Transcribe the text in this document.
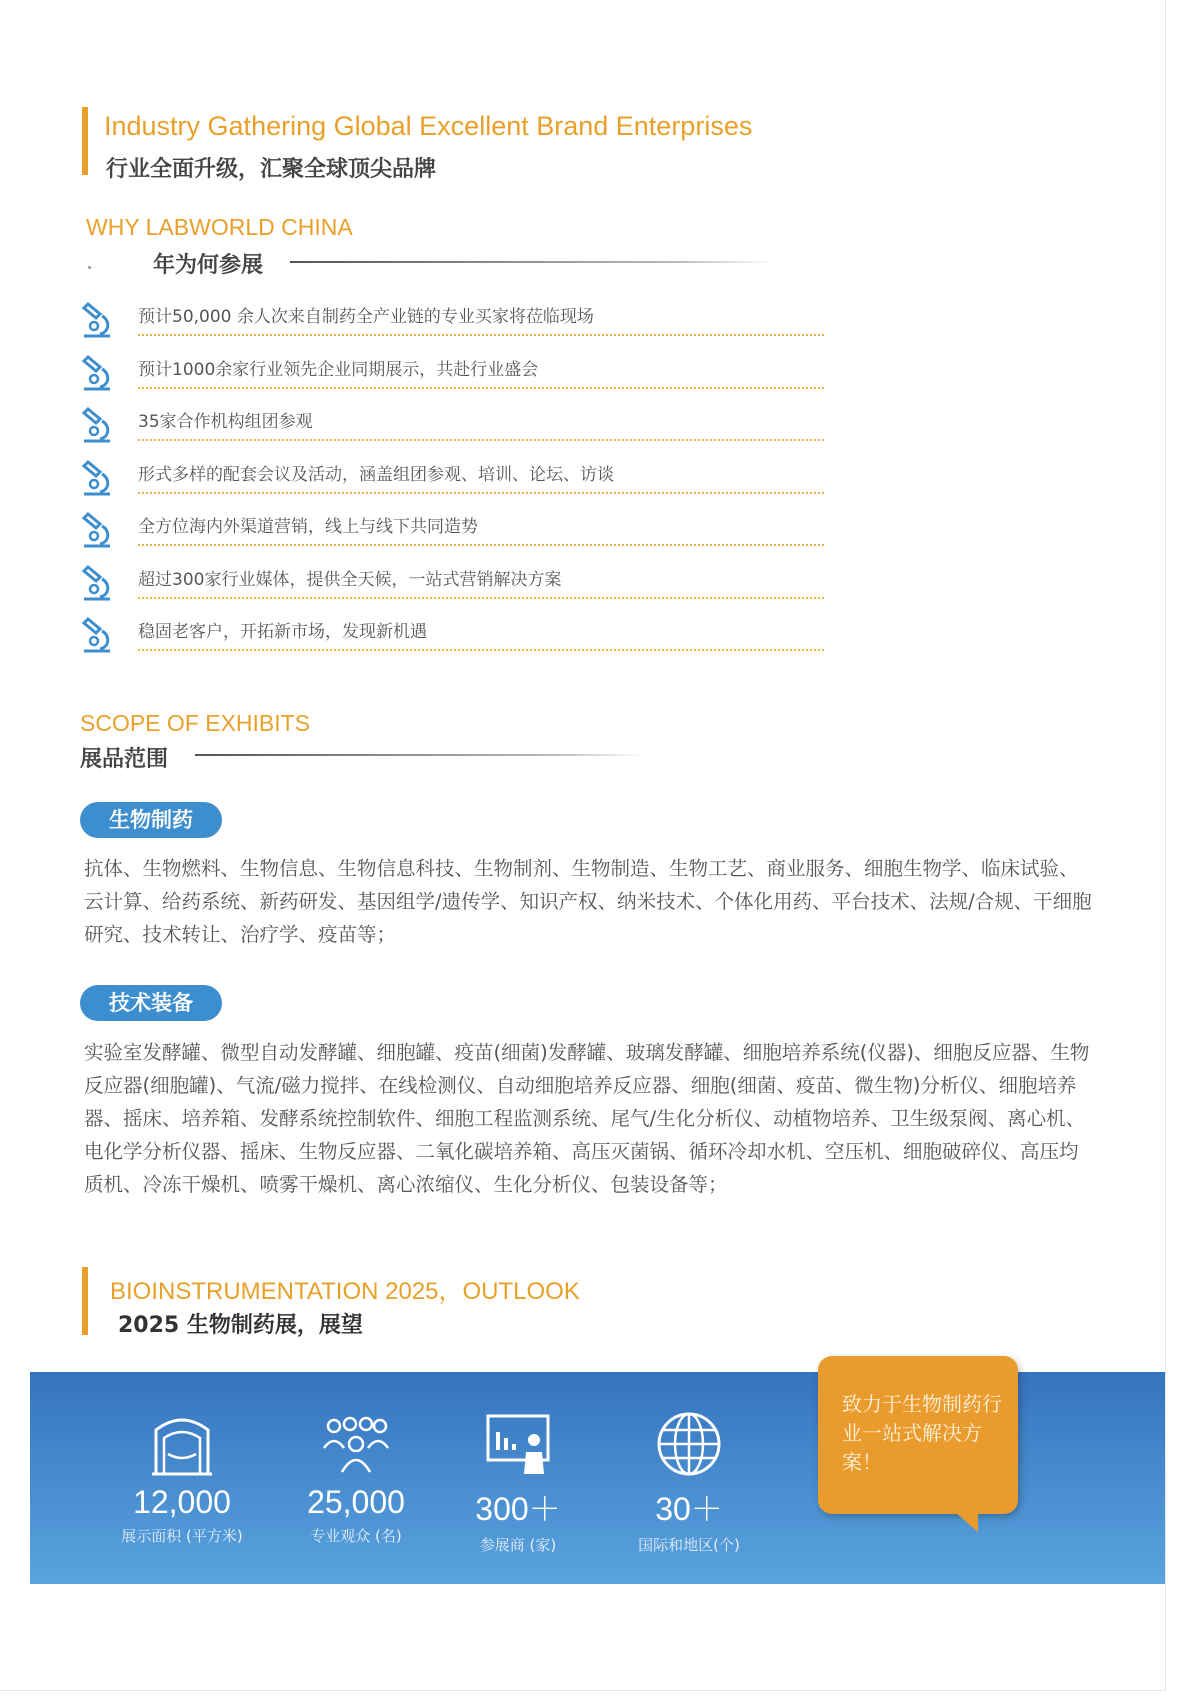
Industry Gathering Global Excellent Brand Enterprises
行业全面升级，汇聚全球顶尖品牌
WHY LABWORLD CHINA
年为何参展
预计50,000 余人次来自制药全产业链的专业买家将莅临现场
预计1000余家行业领先企业同期展示，共赴行业盛会
35家合作机构组团参观
形式多样的配套会议及活动，涵盖组团参观、培训、论坛、访谈
全方位海内外渠道营销，线上与线下共同造势
超过300家行业媒体，提供全天候，一站式营销解决方案
稳固老客户，开拓新市场，发现新机遇
SCOPE OF EXHIBITS
展品范围
生物制药
抗体、生物燃料、生物信息、生物信息科技、生物制剂、生物制造、生物工艺、商业服务、细胞生物学、临床试验、云计算、给药系统、新药研发、基因组学/遗传学、知识产权、纳米技术、个体化用药、平台技术、法规/合规、干细胞研究、技术转让、治疗学、疫苗等；
技术装备
实验室发酵罐、微型自动发酵罐、细胞罐、疫苗(细菌)发酵罐、玻璃发酵罐、细胞培养系统(仪器)、细胞反应器、生物反应器(细胞罐)、气流/磁力搅拌、在线检测仪、自动细胞培养反应器、细胞(细菌、疫苗、微生物)分析仪、细胞培养器、摇床、培养箱、发酵系统控制软件、细胞工程监测系统、尾气/生化分析仪、动植物培养、卫生级泵阀、离心机、电化学分析仪器、摇床、生物反应器、二氧化碳培养箱、高压灭菌锅、循环冷却水机、空压机、细胞破碎仪、高压均质机、冷冻干燥机、喷雾干燥机、离心浓缩仪、生化分析仪、包装设备等；
BIOINSTRUMENTATION 2025，OUTLOOK
2025 生物制药展，展望
12,000
展示面积 (平方米)
25,000
专业观众 (名)
300＋
参展商 (家)
30＋
国际和地区(个)
致力于生物制药行业一站式解决方案！
